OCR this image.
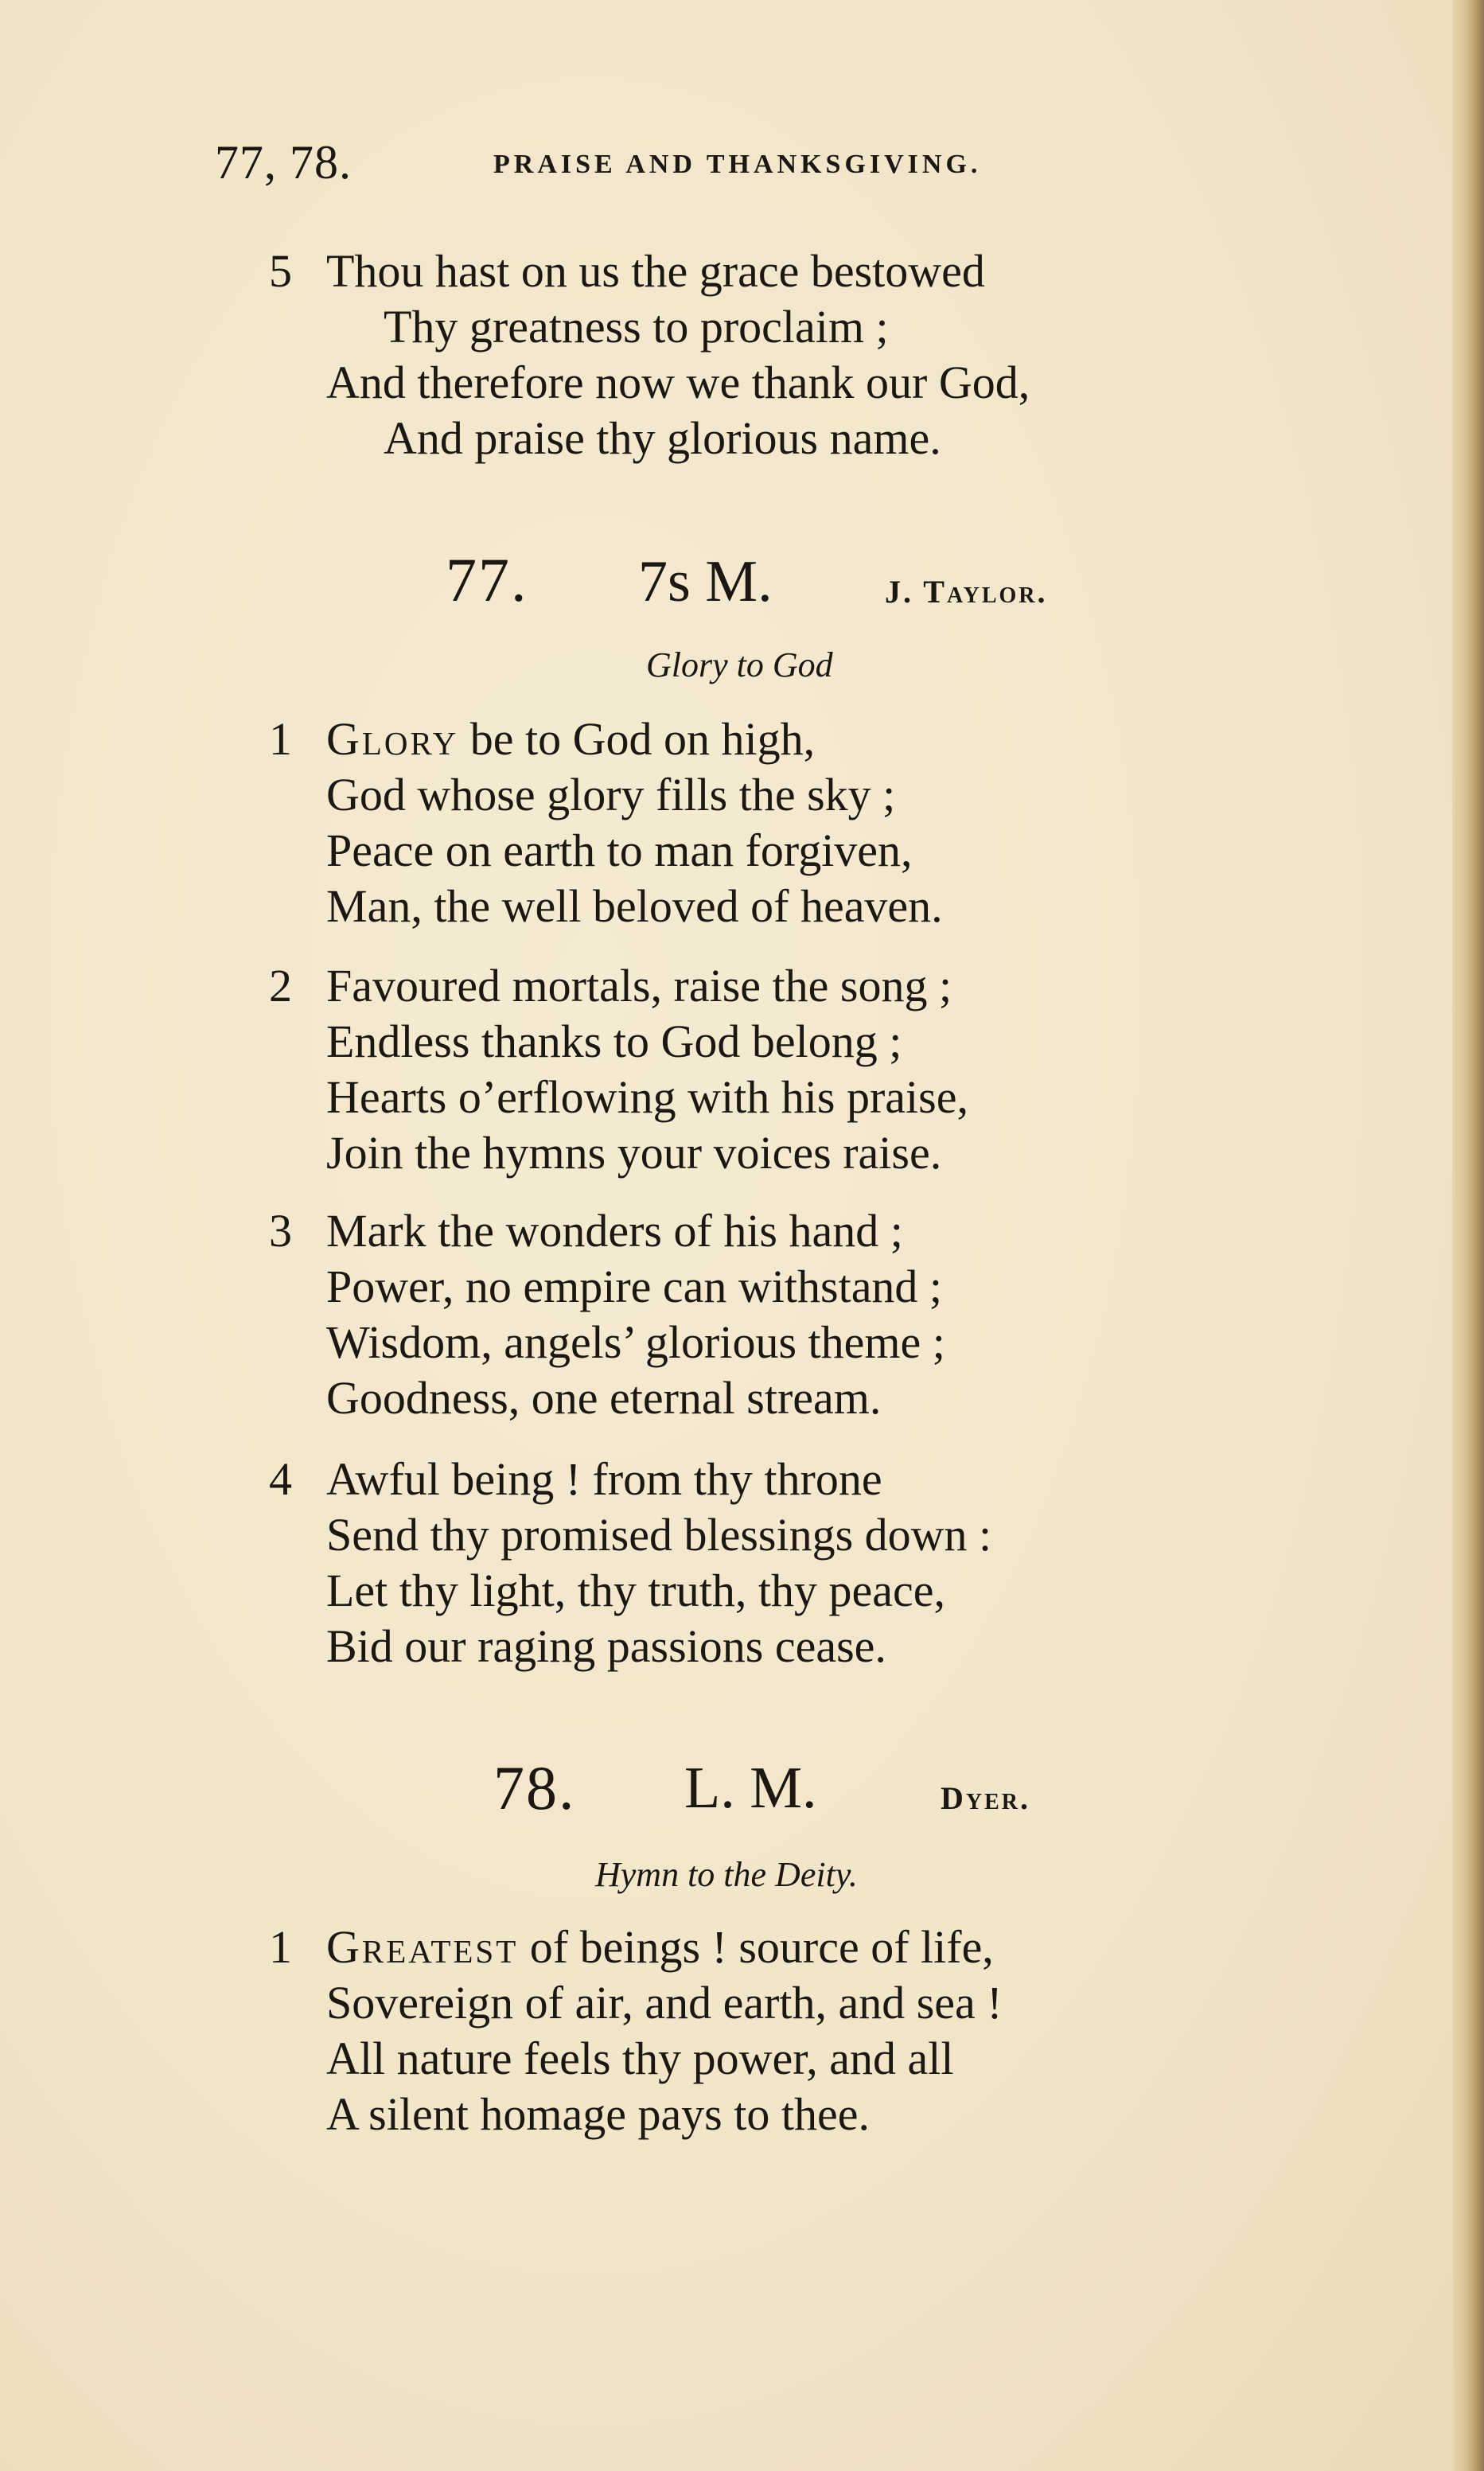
77, 78.	PRAISE AND THANKSGIVING.
5 Thou hast on us the grace bestowed
Thy greatness to proclaim ;
And therefore now we thank our God,
And praise thy glorious name.
77. 7s M.	J. Taylor.
Glory to God
1 Glory be to God on high,
God whose glory fills the sky ;
Peace on earth to man forgiven,
Man, the well beloved of heaven.
2 Favoured mortals, raise the song ;
Endless thanks to God belong ;
Hearts o’erflowing with his praise,
Join the hymns your voices raise.
3 Mark the wonders of his hand ;
Power, no empire can withstand ;
Wisdom, angels’ glorious theme ;
Goodness, one eternal stream.
4 Awful being ! from thy throne
Send thy promised blessings down :
Let thy light, thy truth, thy peace,
Bid our raging passions cease.
78. L. M.	Dyer.
Hymn to the Deity.
1 Greatest of beings ! source of life,
Sovereign of air, and earth, and sea !
All nature feels thy power, and all
A silent homage pays to thee.
